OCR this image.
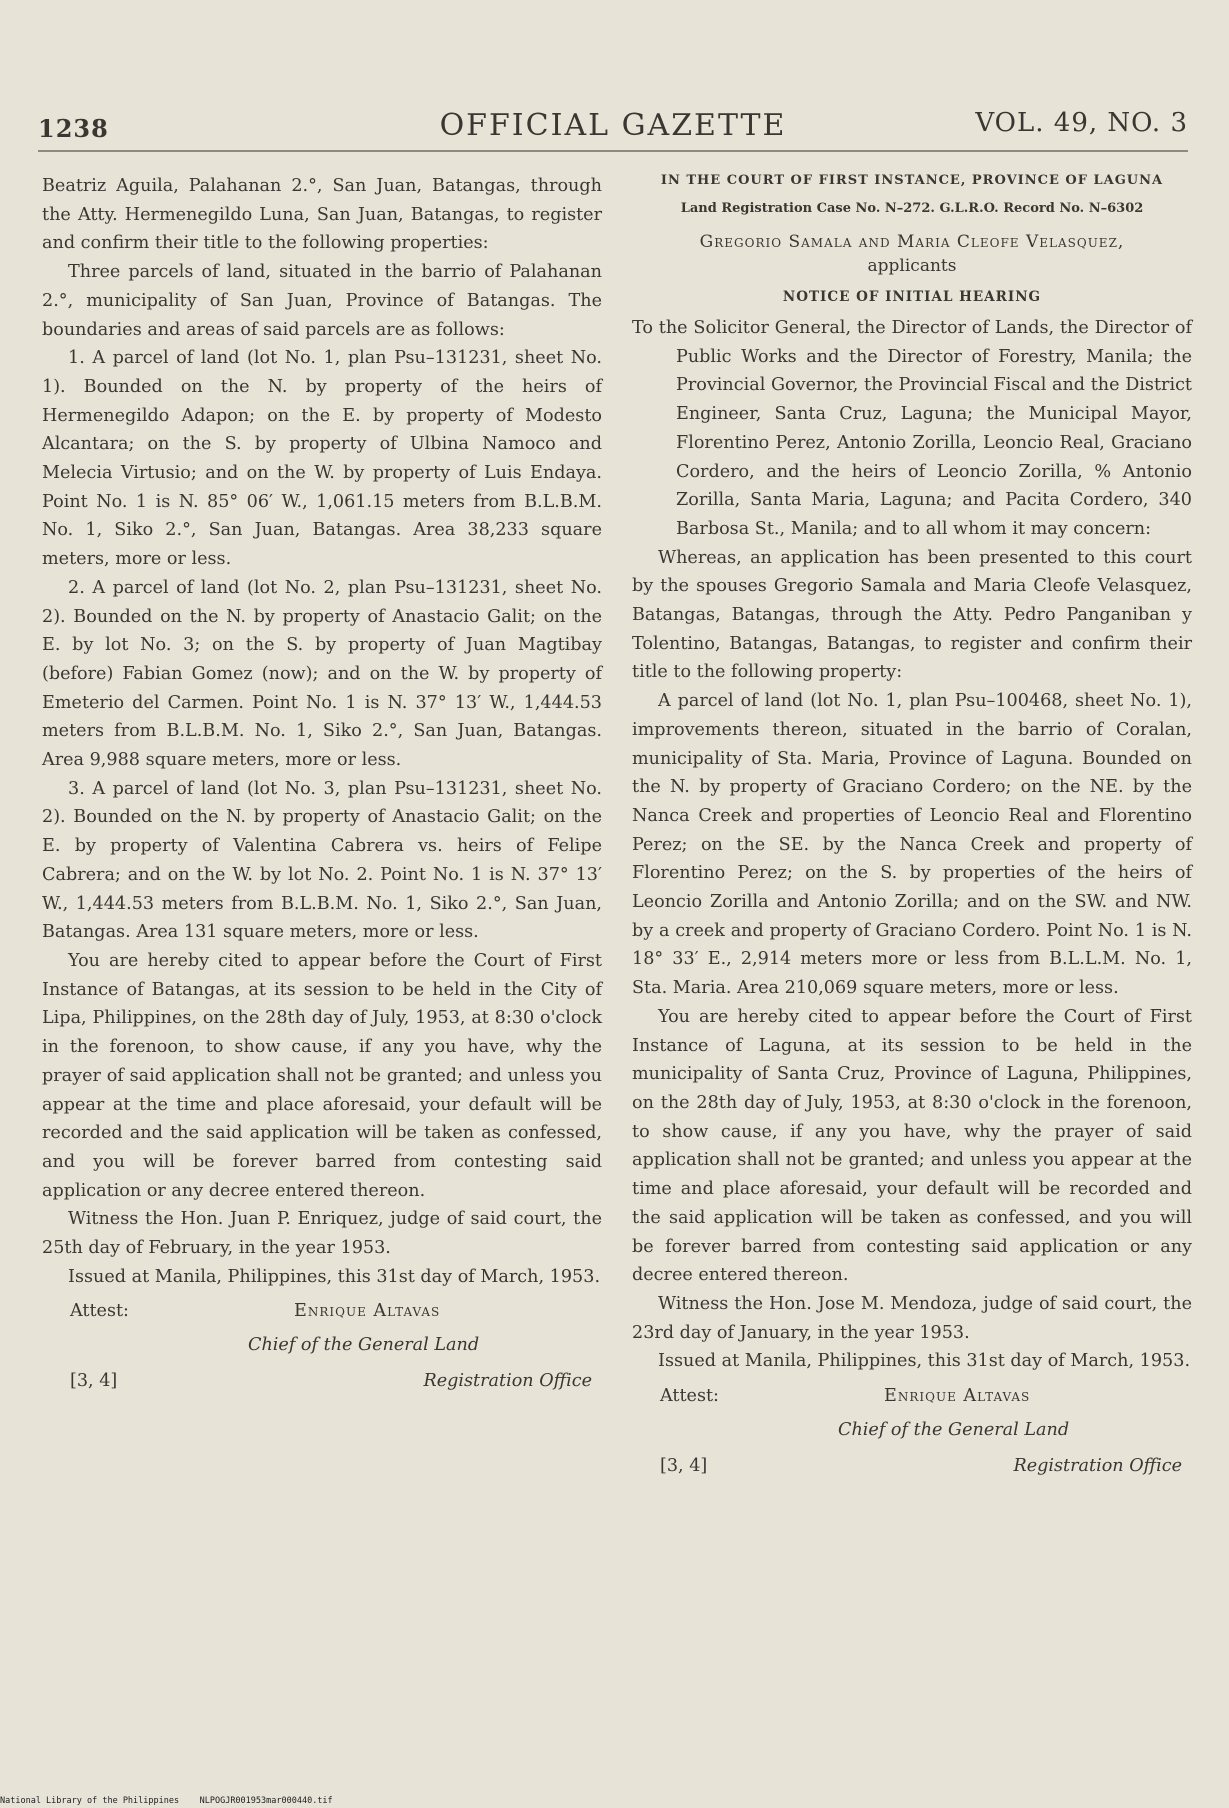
1238	OFFICIAL GAZETTE	VOL. 49, NO. 3

Beatriz Aguila, Palahanan 2.°, San Juan, Batangas, through the Atty. Hermenegildo Luna, San Juan, Batangas, to register and confirm their title to the following properties:

Three parcels of land, situated in the barrio of Palahanan 2.°, municipality of San Juan, Province of Batangas. The boundaries and areas of said parcels are as follows:

1. A parcel of land (lot No. 1, plan Psu–131231, sheet No. 1). Bounded on the N. by property of the heirs of Hermenegildo Adapon; on the E. by property of Modesto Alcantara; on the S. by property of Ulbina Namoco and Melecia Virtusio; and on the W. by property of Luis Endaya. Point No. 1 is N. 85° 06′ W., 1,061.15 meters from B.L.B.M. No. 1, Siko 2.°, San Juan, Batangas. Area 38,233 square meters, more or less.

2. A parcel of land (lot No. 2, plan Psu–131231, sheet No. 2). Bounded on the N. by property of Anastacio Galit; on the E. by lot No. 3; on the S. by property of Juan Magtibay (before) Fabian Gomez (now); and on the W. by property of Emeterio del Carmen. Point No. 1 is N. 37° 13′ W., 1,444.53 meters from B.L.B.M. No. 1, Siko 2.°, San Juan, Batangas. Area 9,988 square meters, more or less.

3. A parcel of land (lot No. 3, plan Psu–131231, sheet No. 2). Bounded on the N. by property of Anastacio Galit; on the E. by property of Valentina Cabrera vs. heirs of Felipe Cabrera; and on the W. by lot No. 2. Point No. 1 is N. 37° 13′ W., 1,444.53 meters from B.L.B.M. No. 1, Siko 2.°, San Juan, Batangas. Area 131 square meters, more or less.

You are hereby cited to appear before the Court of First Instance of Batangas, at its session to be held in the City of Lipa, Philippines, on the 28th day of July, 1953, at 8:30 o'clock in the forenoon, to show cause, if any you have, why the prayer of said application shall not be granted; and unless you appear at the time and place aforesaid, your default will be recorded and the said application will be taken as confessed, and you will be forever barred from contesting said application or any decree entered thereon.

Witness the Hon. Juan P. Enriquez, judge of said court, the 25th day of February, in the year 1953.

Issued at Manila, Philippines, this 31st day of March, 1953.

Attest:	Enrique Altavas
Chief of the General Land
[3, 4]	Registration Office

IN THE COURT OF FIRST INSTANCE, PROVINCE OF LAGUNA

Land Registration Case No. N–272. G.L.R.O. Record No. N–6302

Gregorio Samala and Maria Cleofe Velasquez,
applicants

NOTICE OF INITIAL HEARING

To the Solicitor General, the Director of Lands, the Director of Public Works and the Director of Forestry, Manila; the Provincial Governor, the Provincial Fiscal and the District Engineer, Santa Cruz, Laguna; the Municipal Mayor, Florentino Perez, Antonio Zorilla, Leoncio Real, Graciano Cordero, and the heirs of Leoncio Zorilla, % Antonio Zorilla, Santa Maria, Laguna; and Pacita Cordero, 340 Barbosa St., Manila; and to all whom it may concern:

Whereas, an application has been presented to this court by the spouses Gregorio Samala and Maria Cleofe Velasquez, Batangas, Batangas, through the Atty. Pedro Panganiban y Tolentino, Batangas, Batangas, to register and confirm their title to the following property:

A parcel of land (lot No. 1, plan Psu–100468, sheet No. 1), improvements thereon, situated in the barrio of Coralan, municipality of Sta. Maria, Province of Laguna. Bounded on the N. by property of Graciano Cordero; on the NE. by the Nanca Creek and properties of Leoncio Real and Florentino Perez; on the SE. by the Nanca Creek and property of Florentino Perez; on the S. by properties of the heirs of Leoncio Zorilla and Antonio Zorilla; and on the SW. and NW. by a creek and property of Graciano Cordero. Point No. 1 is N. 18° 33′ E., 2,914 meters more or less from B.L.L.M. No. 1, Sta. Maria. Area 210,069 square meters, more or less.

You are hereby cited to appear before the Court of First Instance of Laguna, at its session to be held in the municipality of Santa Cruz, Province of Laguna, Philippines, on the 28th day of July, 1953, at 8:30 o'clock in the forenoon, to show cause, if any you have, why the prayer of said application shall not be granted; and unless you appear at the time and place aforesaid, your default will be recorded and the said application will be taken as confessed, and you will be forever barred from contesting said application or any decree entered thereon.

Witness the Hon. Jose M. Mendoza, judge of said court, the 23rd day of January, in the year 1953.

Issued at Manila, Philippines, this 31st day of March, 1953.

Attest:	Enrique Altavas
Chief of the General Land
[3, 4]	Registration Office
National Library of the Philippines NLPOGJR001953mar000440.tif
